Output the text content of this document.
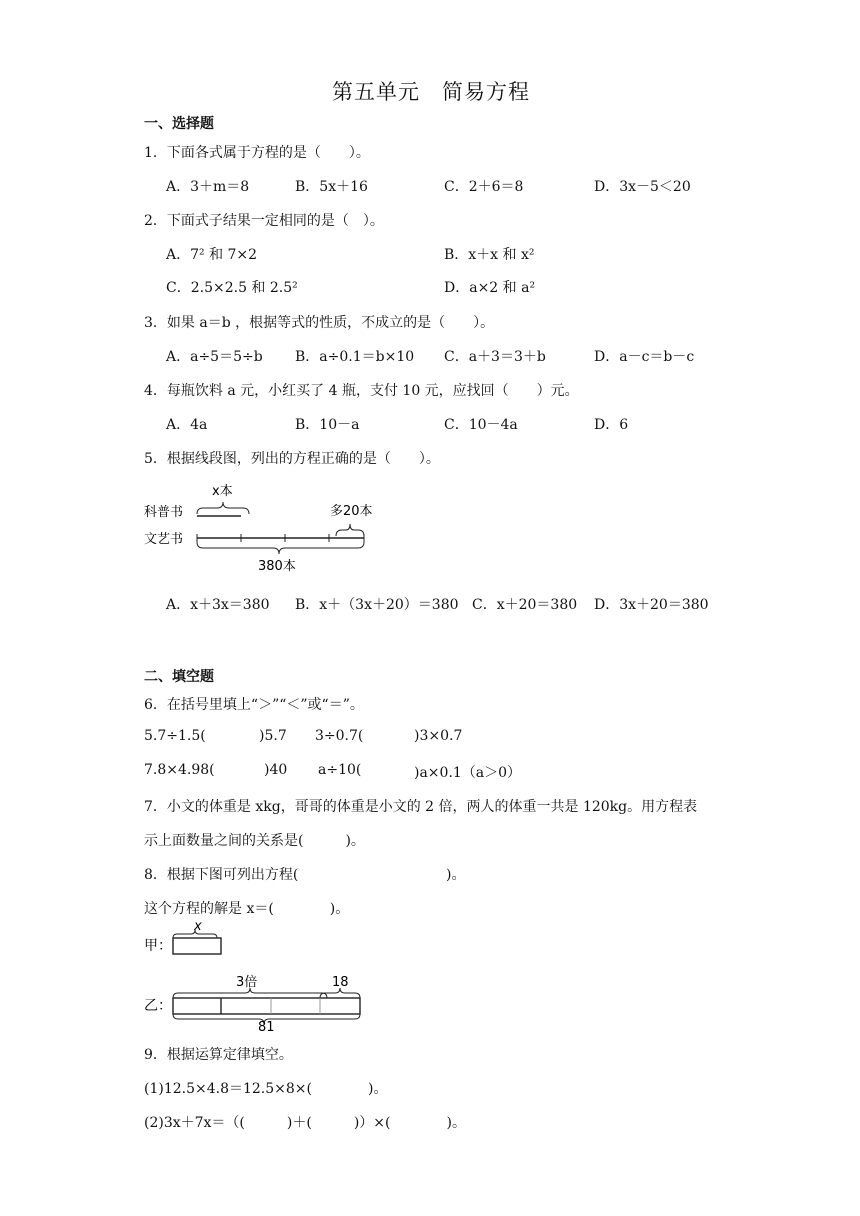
第五单元　简易方程
一、选择题
1．下面各式属于方程的是（　　）。
A．3＋m＝8	B．5x＋16	C．2＋6＝8	D．3x－5＜20
2．下面式子结果一定相同的是（　）。
A．7² 和 7×2	B．x＋x 和 x²
C．2.5×2.5 和 2.5²	D．a×2 和 a²
3．如果 a＝b ，根据等式的性质，不成立的是（　　）。
A．a÷5＝5÷b B．a÷0.1＝b×10 C．a＋3＝3＋b	D．a－c＝b－c
4．每瓶饮料 a 元，小红买了 4 瓶，支付 10 元，应找回（　　）元。
A．4a	B．10－a	C．10－4a	D．6
5．根据线段图，列出的方程正确的是（　　）。
科普书
文艺书
x本
多20本
380本
A．x＋3x＝380 B．x＋（3x＋20）＝380 C．x＋20＝380 D．3x＋20＝380
二、填空题
6．在括号里填上“＞”“＜”或“＝”。
5.7÷1.5(	)5.7 3÷0.7(	)3×0.7
7.8×4.98(	)40 a÷10(	)a×0.1（a＞0）
7．小文的体重是 xkg，哥哥的体重是小文的 2 倍，两人的体重一共是 120kg。用方程表
示上面数量之间的关系是(　　　)。
8．根据下图可列出方程(	)。
这个方程的解是 x＝(　　　　)。
甲：
x
乙：
3倍	18
81
9．根据运算定律填空。
(1)12.5×4.8＝12.5×8×(　　　　)。
(2)3x＋7x＝（(　　　)＋(　　　)）×(　　　　)。
